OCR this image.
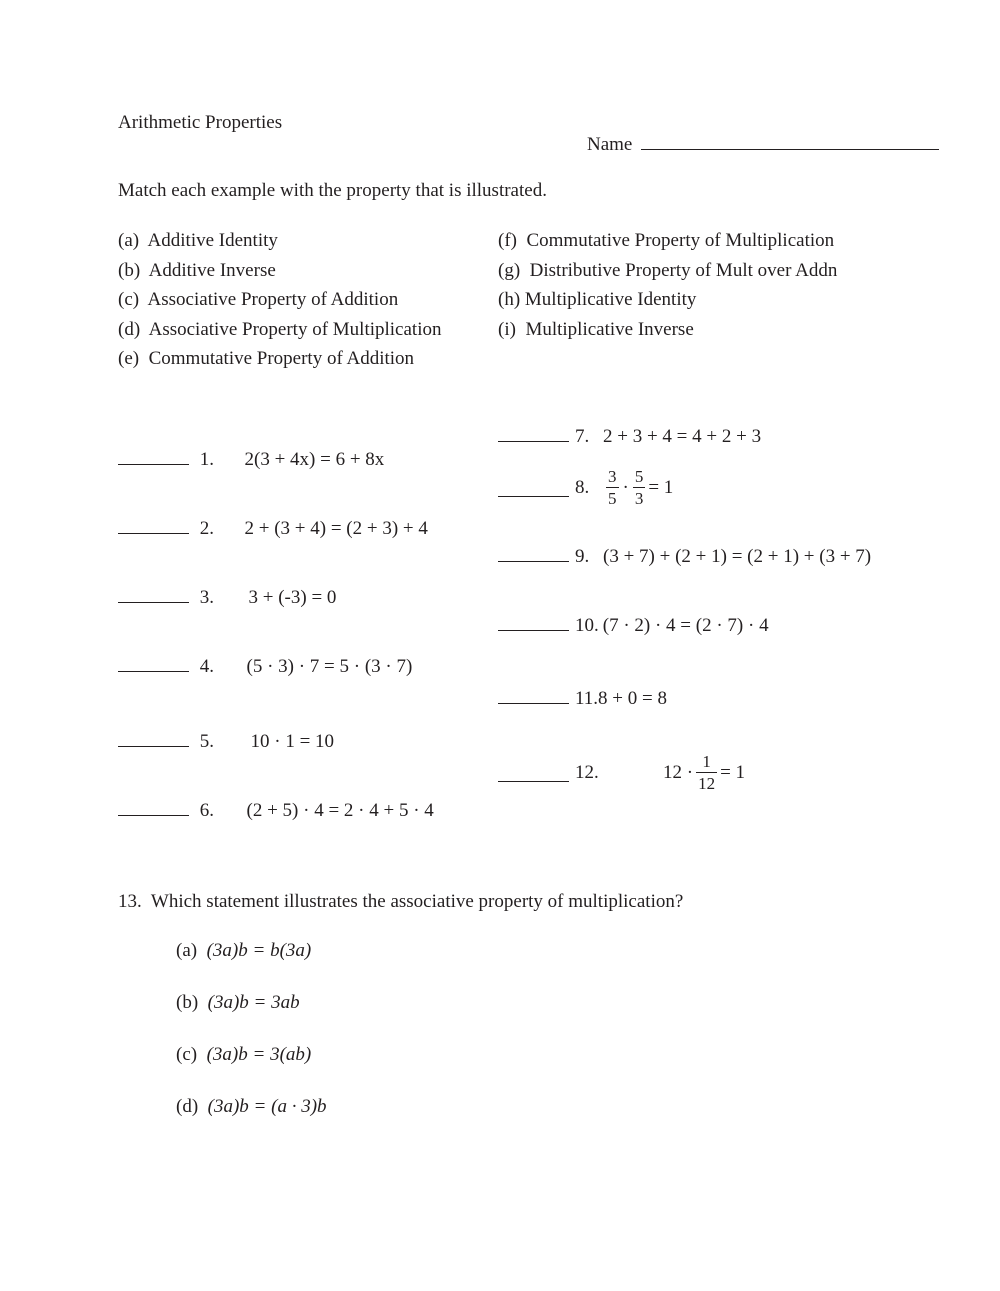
Arithmetic Properties
Name
Match each example with the property that is illustrated.
(a) Additive Identity
(b) Additive Inverse
(c) Associative Property of Addition
(d) Associative Property of Multiplication
(e) Commutative Property of Addition
(f) Commutative Property of Multiplication
(g) Distributive Property of Mult over Addn
(h) Multiplicative Identity
(i) Multiplicative Inverse
1. 2(3 + 4x) = 6 + 8x
2. 2 + (3 + 4) = (2 + 3) + 4
3. 3 + (-3) = 0
4. (5 · 3) · 7 = 5 · (3 · 7)
5. 10 · 1 = 10
6. (2 + 5) · 4 = 2 · 4 + 5 · 4
7. 2 + 3 + 4 = 4 + 2 + 3
8. $\frac{3}{5} \cdot \frac{5}{3} = 1$
9. (3 + 7) + (2 + 1) = (2 + 1) + (3 + 7)
10. (7 · 2) · 4 = (2 · 7) · 4
11.8 + 0 = 8
12.	$12 \cdot \frac{1}{12} = 1$
13.  Which statement illustrates the associative property of multiplication?
(a) (3a)b = b(3a)
(b) (3a)b = 3ab
(c) (3a)b = 3(ab)
(d) (3a)b = (a · 3)b
